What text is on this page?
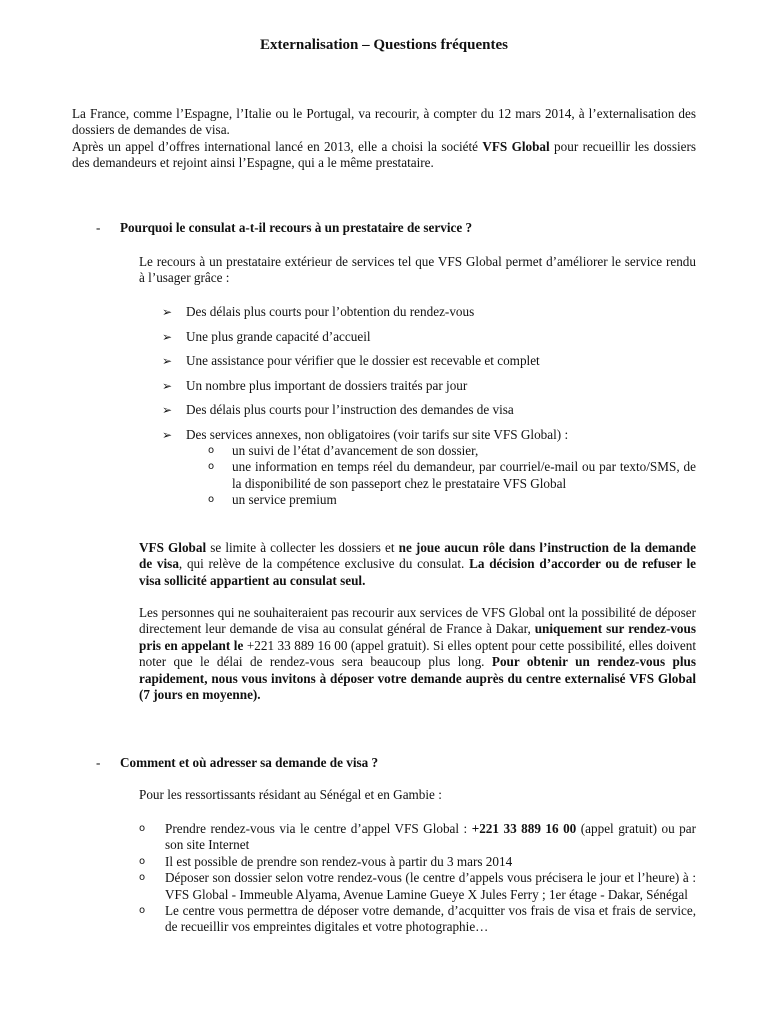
Externalisation – Questions fréquentes

La France, comme l’Espagne, l’Italie ou le Portugal, va recourir, à compter du 12 mars 2014, à l’externalisation des dossiers de demandes de visa.

Après un appel d’offres international lancé en 2013, elle a choisi la société VFS Global pour recueillir les dossiers des demandeurs et rejoint ainsi l’Espagne, qui a le même prestataire.

- Pourquoi le consulat a-t-il recours à un prestataire de service ?

Le recours à un prestataire extérieur de services tel que VFS Global permet d’améliorer le service rendu à l’usager grâce :

➢ Des délais plus courts pour l’obtention du rendez-vous
➢ Une plus grande capacité d’accueil
➢ Une assistance pour vérifier que le dossier est recevable et complet
➢ Un nombre plus important de dossiers traités par jour
➢ Des délais plus courts pour l’instruction des demandes de visa
➢ Des services annexes, non obligatoires (voir tarifs sur site VFS Global) :
o un suivi de l’état d’avancement de son dossier,
o une information en temps réel du demandeur, par courriel/e-mail ou par texto/SMS, de la disponibilité de son passeport chez le prestataire VFS Global
o un service premium

VFS Global se limite à collecter les dossiers et ne joue aucun rôle dans l’instruction de la demande de visa, qui relève de la compétence exclusive du consulat. La décision d’accorder ou de refuser le visa sollicité appartient au consulat seul.

Les personnes qui ne souhaiteraient pas recourir aux services de VFS Global ont la possibilité de déposer directement leur demande de visa au consulat général de France à Dakar, uniquement sur rendez-vous pris en appelant le +221 33 889 16 00 (appel gratuit). Si elles optent pour cette possibilité, elles doivent noter que le délai de rendez-vous sera beaucoup plus long. Pour obtenir un rendez-vous plus rapidement, nous vous invitons à déposer votre demande auprès du centre externalisé VFS Global (7 jours en moyenne).

- Comment et où adresser sa demande de visa ?

Pour les ressortissants résidant au Sénégal et en Gambie :

o Prendre rendez-vous via le centre d’appel VFS Global : +221 33 889 16 00 (appel gratuit) ou par son site Internet
o Il est possible de prendre son rendez-vous à partir du 3 mars 2014
o Déposer son dossier selon votre rendez-vous (le centre d’appels vous précisera le jour et l’heure) à : VFS Global - Immeuble Alyama, Avenue Lamine Gueye X Jules Ferry ; 1er étage - Dakar, Sénégal
o Le centre vous permettra de déposer votre demande, d’acquitter vos frais de visa et frais de service, de recueillir vos empreintes digitales et votre photographie…
